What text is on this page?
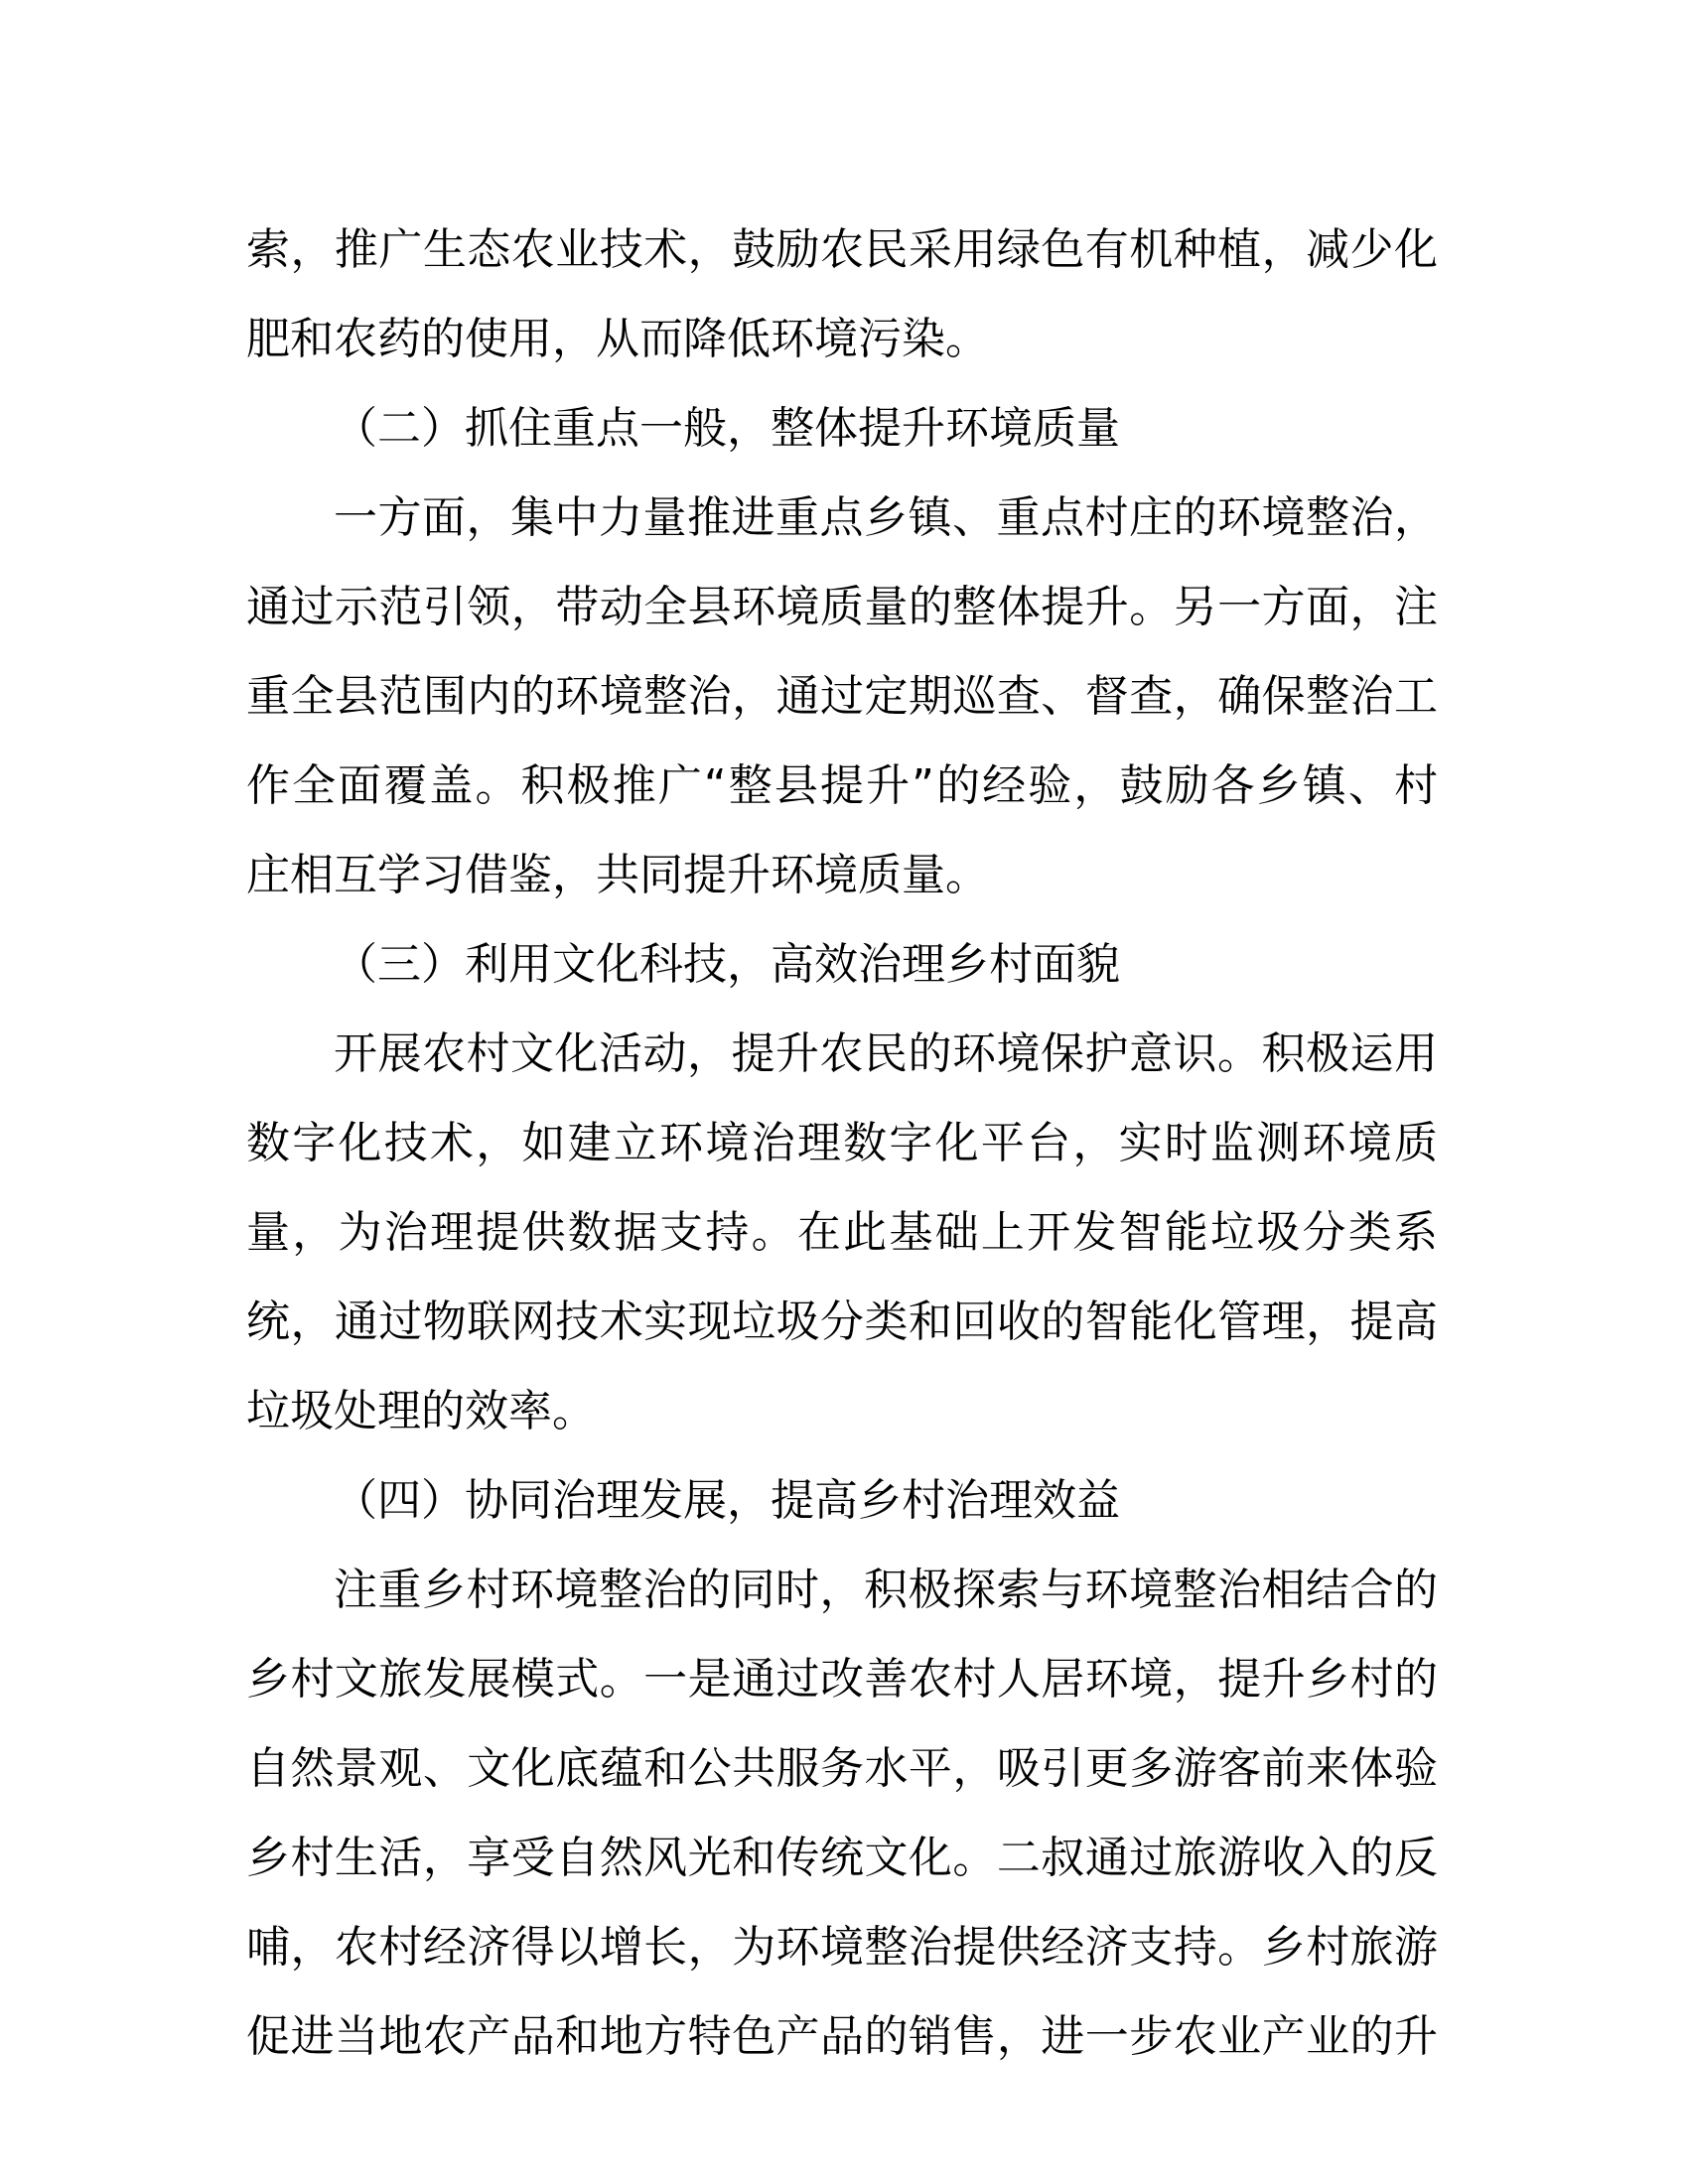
索，推广生态农业技术，鼓励农民采用绿色有机种植，减少化
肥和农药的使用，从而降低环境污染。
（二）抓住重点一般，整体提升环境质量
一方面，集中力量推进重点乡镇、重点村庄的环境整治，
通过示范引领，带动全县环境质量的整体提升。另一方面，注
重全县范围内的环境整治，通过定期巡查、督查，确保整治工
作全面覆盖。积极推广“整县提升”的经验，鼓励各乡镇、村
庄相互学习借鉴，共同提升环境质量。
（三）利用文化科技，高效治理乡村面貌
开展农村文化活动，提升农民的环境保护意识。积极运用
数字化技术，如建立环境治理数字化平台，实时监测环境质
量，为治理提供数据支持。在此基础上开发智能垃圾分类系
统，通过物联网技术实现垃圾分类和回收的智能化管理，提高
垃圾处理的效率。
（四）协同治理发展，提高乡村治理效益
注重乡村环境整治的同时，积极探索与环境整治相结合的
乡村文旅发展模式。一是通过改善农村人居环境，提升乡村的
自然景观、文化底蕴和公共服务水平，吸引更多游客前来体验
乡村生活，享受自然风光和传统文化。二叔通过旅游收入的反
哺，农村经济得以增长，为环境整治提供经济支持。乡村旅游
促进当地农产品和地方特色产品的销售，进一步农业产业的升
